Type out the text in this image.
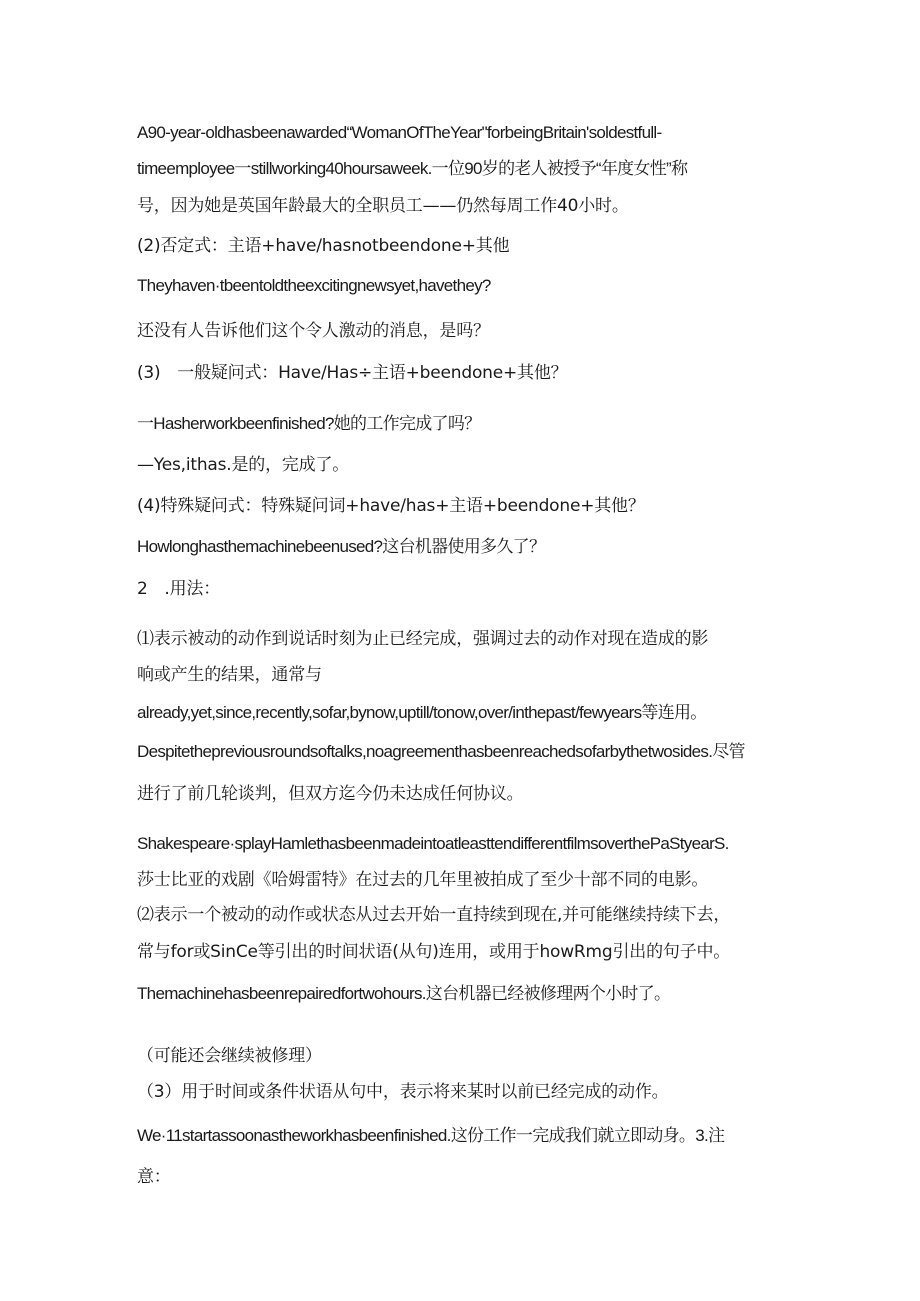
A90-year-oldhasbeenawarded“WomanOfTheYear"forbeingBritain'soldestfull-
timeemployee一stillworking40hoursaweek.一位90岁的老人被授予“年度女性”称
号，因为她是英国年龄最大的全职员工——仍然每周工作40小时。
(2)否定式：主语+have/hasnotbeendone+其他
Theyhaven·tbeentoldtheexcitingnewsyet,havethey?
还没有人告诉他们这个令人激动的消息，是吗？
(3)　一般疑问式：Have/Has÷主语+beendone+其他？
一Hasherworkbeenfinished?她的工作完成了吗？
—Yes,ithas.是的，完成了。
(4)特殊疑问式：特殊疑问词+have/has+主语+beendone+其他？
Howlonghasthemachinebeenused?这台机器使用多久了？
2　.用法：
⑴表示被动的动作到说话时刻为止已经完成，强调过去的动作对现在造成的影
响或产生的结果，通常与
already,yet,since,recently,sofar,bynow,uptill/tonow,over/inthepast/fewyears等连用。
Despitethepreviousroundsoftalks,noagreementhasbeenreachedsofarbythetwosides.尽管
进行了前几轮谈判，但双方迄今仍未达成任何协议。
Shakespeare·splayHamlethasbeenmadeintoatleasttendifferentfilmsoverthePaStyearS.
莎士比亚的戏剧《哈姆雷特》在过去的几年里被拍成了至少十部不同的电影。
⑵表示一个被动的动作或状态从过去开始一直持续到现在,并可能继续持续下去，
常与for或SinCe等引出的时间状语(从句)连用，或用于howRmg引出的句子中。
Themachinehasbeenrepairedfortwohours.这台机器已经被修理两个小时了。
（可能还会继续被修理）
（3）用于时间或条件状语从句中，表示将来某时以前已经完成的动作。
We·11startassoonastheworkhasbeenfinished.这份工作一完成我们就立即动身。3.注
意：
